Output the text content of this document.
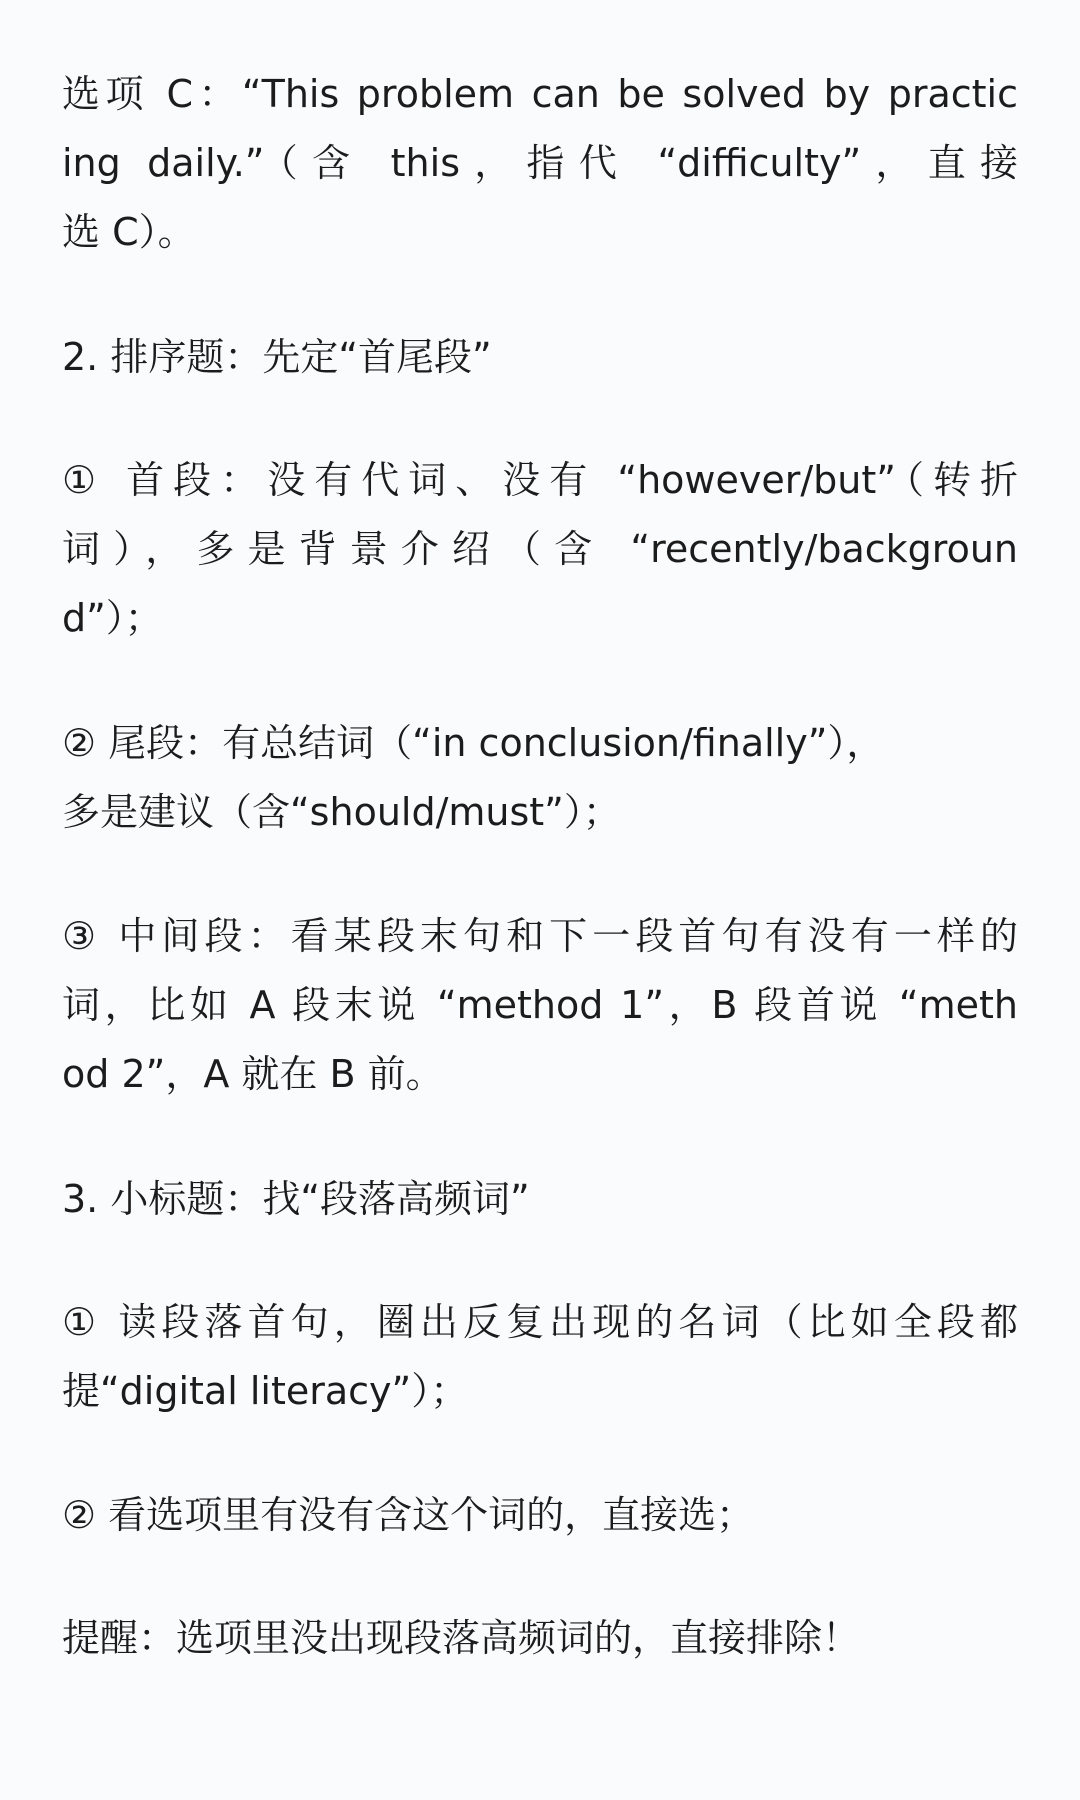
选项 C：“This problem can be solved by practic
ing daily.”（含 this，指代 “difficulty”，直接
选 C）。
2. 排序题：先定“首尾段”
① 首段：没有代词、没有 “however/but”（转折
词），多是背景介绍（含 “recently/backgroun
d”）；
② 尾段：有总结词（“in conclusion/finally”），
多是建议（含“should/must”）；
③ 中间段：看某段末句和下一段首句有没有一样的
词，比如 A 段末说 “method 1”，B 段首说 “meth
od 2”，A 就在 B 前。
3. 小标题：找“段落高频词”
① 读段落首句，圈出反复出现的名词（比如全段都
提“digital literacy”）；
② 看选项里有没有含这个词的，直接选；
提醒：选项里没出现段落高频词的，直接排除！
